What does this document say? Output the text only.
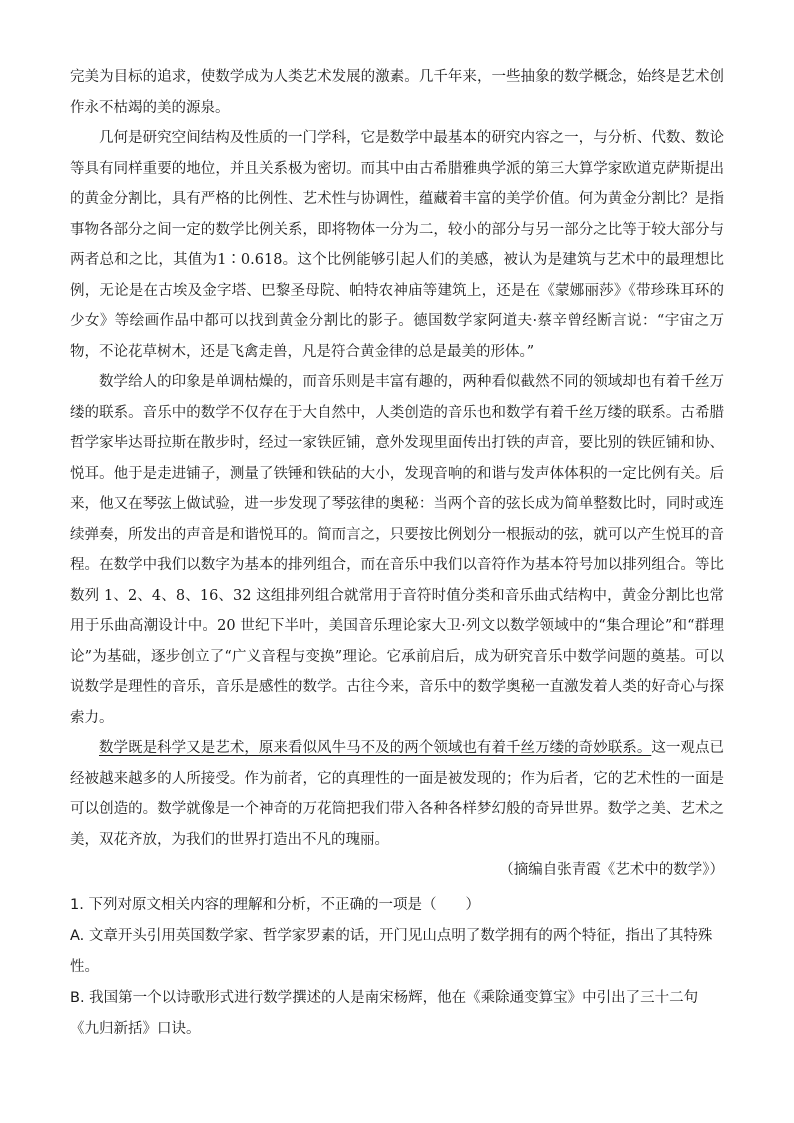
完美为目标的追求，使数学成为人类艺术发展的激素。几千年来，一些抽象的数学概念，始终是艺术创作永不枯竭的美的源泉。

几何是研究空间结构及性质的一门学科，它是数学中最基本的研究内容之一，与分析、代数、数论等具有同样重要的地位，并且关系极为密切。而其中由古希腊雅典学派的第三大算学家欧道克萨斯提出的黄金分割比，具有严格的比例性、艺术性与协调性，蕴藏着丰富的美学价值。何为黄金分割比？是指事物各部分之间一定的数学比例关系，即将物体一分为二，较小的部分与另一部分之比等于较大部分与两者总和之比，其值为1∶0.618。这个比例能够引起人们的美感，被认为是建筑与艺术中的最理想比例，无论是在古埃及金字塔、巴黎圣母院、帕特农神庙等建筑上，还是在《蒙娜丽莎》《带珍珠耳环的少女》等绘画作品中都可以找到黄金分割比的影子。德国数学家阿道夫·蔡辛曾经断言说：“宇宙之万物，不论花草树木，还是飞禽走兽，凡是符合黄金律的总是最美的形体。”

数学给人的印象是单调枯燥的，而音乐则是丰富有趣的，两种看似截然不同的领域却也有着千丝万缕的联系。音乐中的数学不仅存在于大自然中，人类创造的音乐也和数学有着千丝万缕的联系。古希腊哲学家毕达哥拉斯在散步时，经过一家铁匠铺，意外发现里面传出打铁的声音，要比别的铁匠铺和协、悦耳。他于是走进铺子，测量了铁锤和铁砧的大小，发现音响的和谐与发声体体积的一定比例有关。后来，他又在琴弦上做试验，进一步发现了琴弦律的奥秘：当两个音的弦长成为简单整数比时，同时或连续弹奏，所发出的声音是和谐悦耳的。简而言之，只要按比例划分一根振动的弦，就可以产生悦耳的音程。在数学中我们以数字为基本的排列组合，而在音乐中我们以音符作为基本符号加以排列组合。等比数列 1、2、4、8、16、32 这组排列组合就常用于音符时值分类和音乐曲式结构中，黄金分割比也常用于乐曲高潮设计中。20 世纪下半叶，美国音乐理论家大卫·列文以数学领域中的“集合理论”和“群理论”为基础，逐步创立了“广义音程与变换”理论。它承前启后，成为研究音乐中数学问题的奠基。可以说数学是理性的音乐，音乐是感性的数学。古往今来，音乐中的数学奥秘一直激发着人类的好奇心与探索力。

数学既是科学又是艺术，原来看似风牛马不及的两个领域也有着千丝万缕的奇妙联系。这一观点已经被越来越多的人所接受。作为前者，它的真理性的一面是被发现的；作为后者，它的艺术性的一面是可以创造的。数学就像是一个神奇的万花筒把我们带入各种各样梦幻般的奇异世界。数学之美、艺术之美，双花齐放，为我们的世界打造出不凡的瑰丽。

（摘编自张青霞《艺术中的数学》）

1. 下列对原文相关内容的理解和分析，不正确的一项是（　　）

A. 文章开头引用英国数学家、哲学家罗素的话，开门见山点明了数学拥有的两个特征，指出了其特殊性。

B. 我国第一个以诗歌形式进行数学撰述的人是南宋杨辉，他在《乘除通变算宝》中引出了三十二句《九归新括》口诀。
